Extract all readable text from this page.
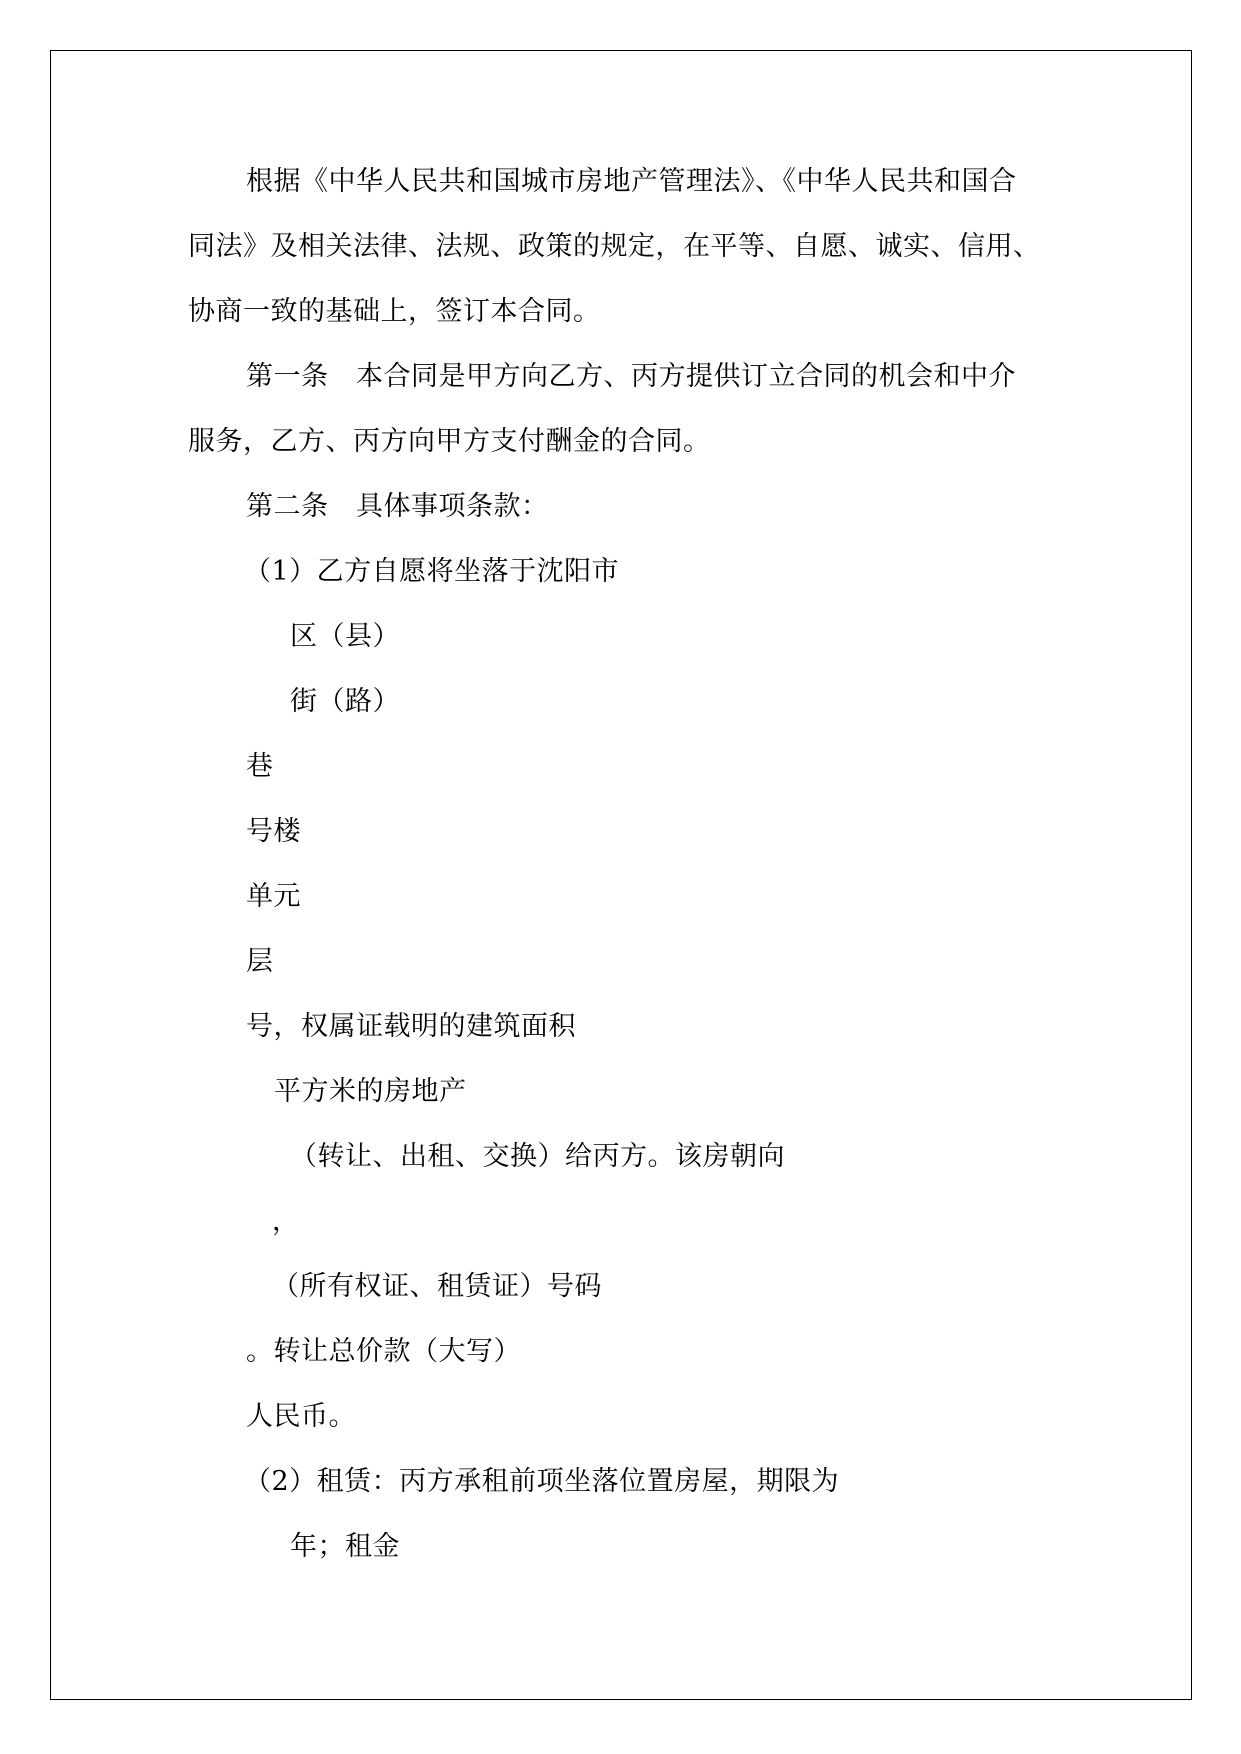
根据《中华人民共和国城市房地产管理法》、《中华人民共和国合
同法》及相关法律、法规、政策的规定，在平等、自愿、诚实、信用、
协商一致的基础上，签订本合同。
第一条　本合同是甲方向乙方、丙方提供订立合同的机会和中介
服务，乙方、丙方向甲方支付酬金的合同。
第二条　具体事项条款：
（1）乙方自愿将坐落于沈阳市
区（县）
街（路）
巷
号楼
单元
层
号，权属证载明的建筑面积
平方米的房地产
（转让、出租、交换）给丙方。该房朝向
，
（所有权证、租赁证）号码
。转让总价款（大写）
人民币。
（2）租赁：丙方承租前项坐落位置房屋，期限为
年；租金
